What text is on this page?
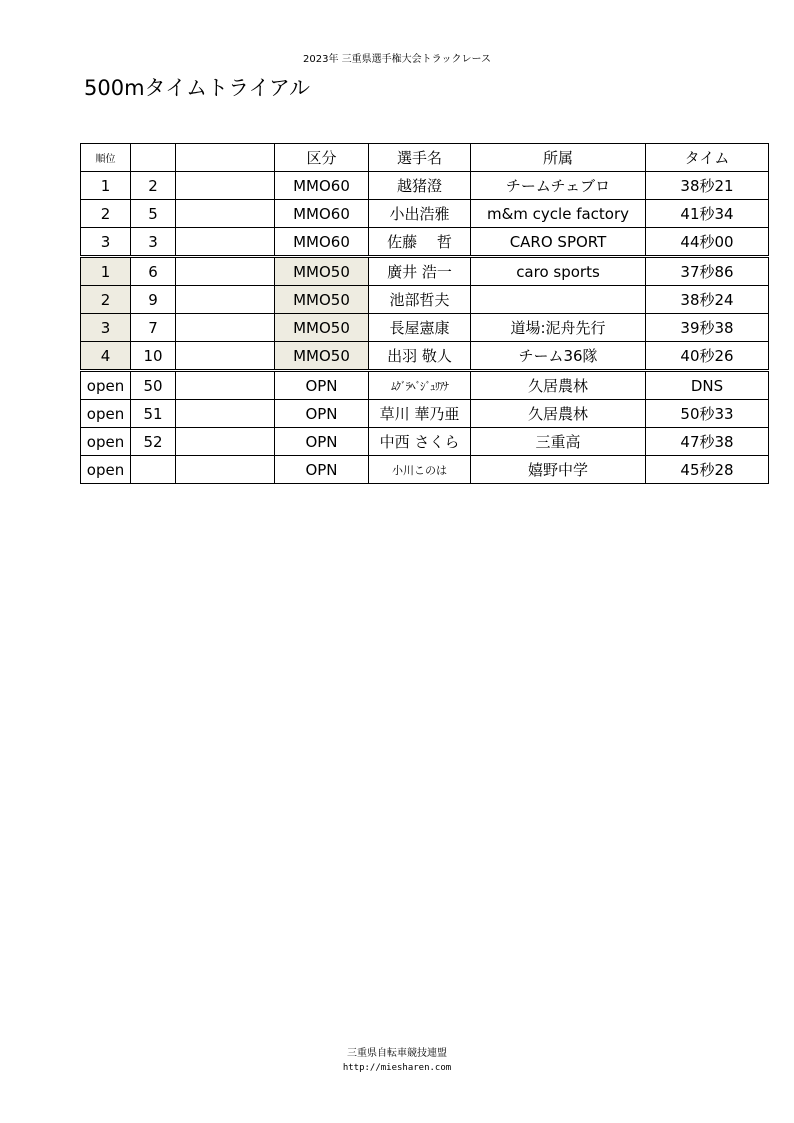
2023年 三重県選手権大会トラックレース
500mタイムトライアル
順位			区分	選手名	所属	タイム
1	2		MMO60	越猪澄	チームチェブロ	38秒21
2	5		MMO60	小出浩雅	m&m cycle factory	41秒34
3	3		MMO60	佐藤　 哲	CARO SPORT	44秒00
1	6		MMO50	廣井 浩一	caro sports	37秒86
2	9		MMO50	池部哲夫		38秒24
3	7		MMO50	長屋憲康	道場:泥舟先行	39秒38
4	10		MMO50	出羽 敬人	チーム36隊	40秒26
open	50		OPN	ﾑｸﾞﾗﾍﾞｼﾞｭﾘｱﾅ	久居農林	DNS
open	51		OPN	草川 華乃亜	久居農林	50秒33
open	52		OPN	中西 さくら	三重高	47秒38
open			OPN	小川このは	嬉野中学	45秒28
三重県自転車競技連盟
http://miesharen.com
